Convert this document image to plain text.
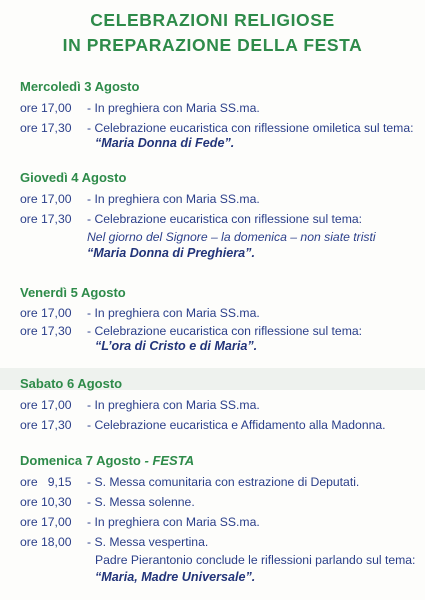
CELEBRAZIONI RELIGIOSE
IN PREPARAZIONE DELLA FESTA
Mercoledì 3 Agosto
ore 17,00 - In preghiera con Maria SS.ma.
ore 17,30 - Celebrazione eucaristica con riflessione omiletica sul tema:
“Maria Donna di Fede”.
Giovedì 4 Agosto
ore 17,00 - In preghiera con Maria SS.ma.
ore 17,30 - Celebrazione eucaristica con riflessione sul tema:
Nel giorno del Signore – la domenica – non siate tristi
“Maria Donna di Preghiera”.
Venerdì 5 Agosto
ore 17,00 - In preghiera con Maria SS.ma.
ore 17,30 - Celebrazione eucaristica con riflessione sul tema:
“L’ora di Cristo e di Maria”.
Sabato 6 Agosto
ore 17,00 - In preghiera con Maria SS.ma.
ore 17,30 - Celebrazione eucaristica e Affidamento alla Madonna.
Domenica 7 Agosto - FESTA
ore   9,15 - S. Messa comunitaria con estrazione di Deputati.
ore 10,30 - S. Messa solenne.
ore 17,00 - In preghiera con Maria SS.ma.
ore 18,00 - S. Messa vespertina.
Padre Pierantonio conclude le riflessioni parlando sul tema:
“Maria, Madre Universale”.
